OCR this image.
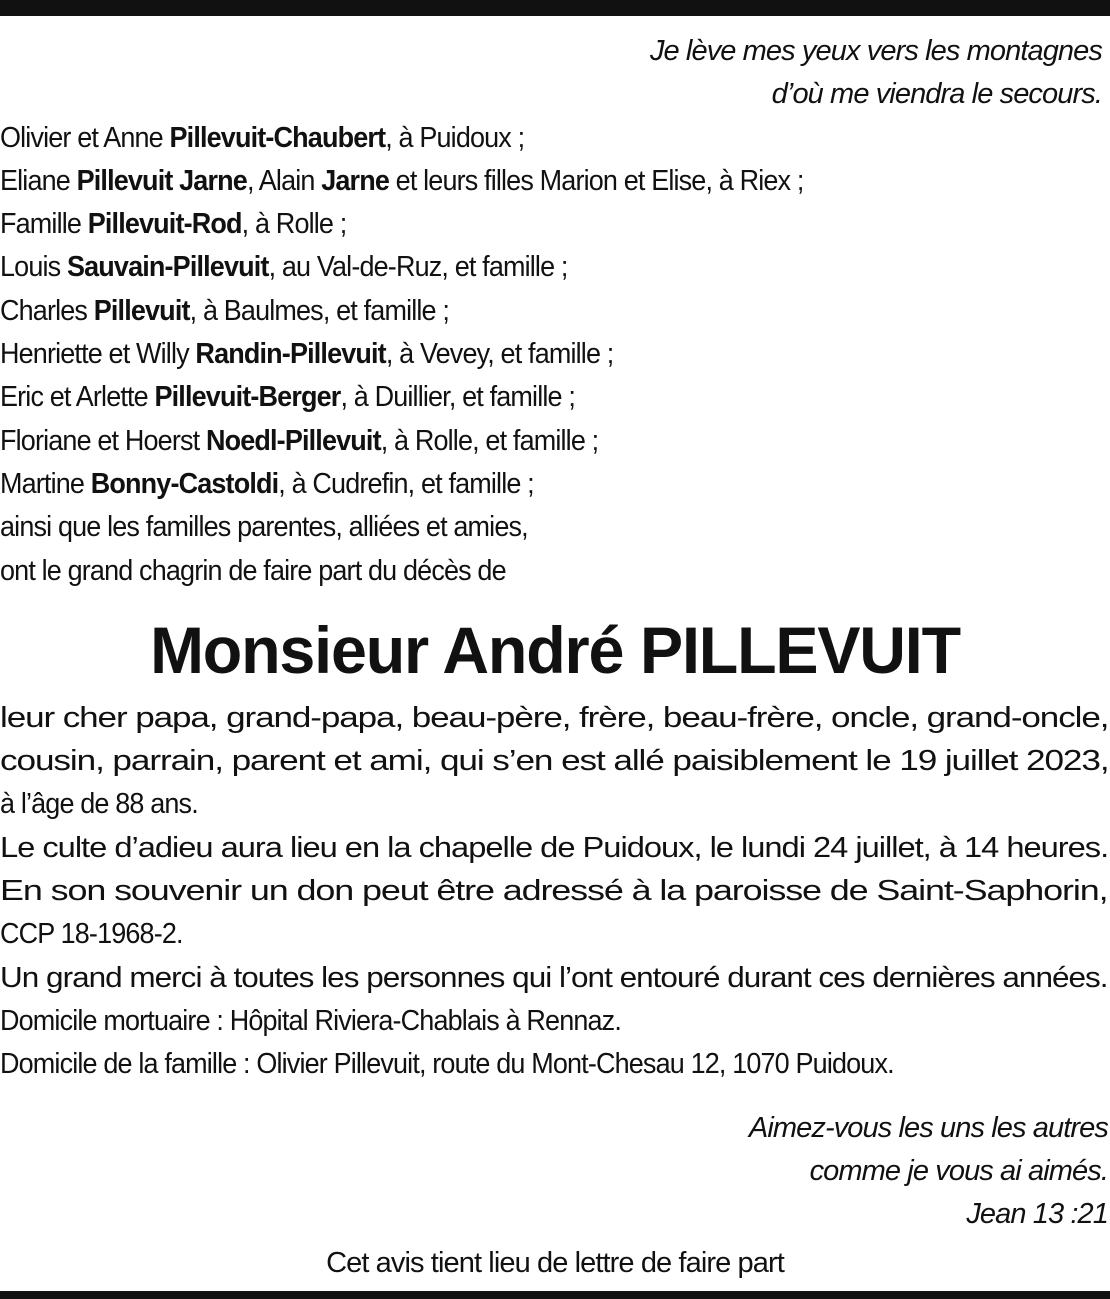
Je lève mes yeux vers les montagnes
d’où me viendra le secours.
Olivier et Anne Pillevuit-Chaubert, à Puidoux ;
Eliane Pillevuit Jarne, Alain Jarne et leurs filles Marion et Elise, à Riex ;
Famille Pillevuit-Rod, à Rolle ;
Louis Sauvain-Pillevuit, au Val-de-Ruz, et famille ;
Charles Pillevuit, à Baulmes, et famille ;
Henriette et Willy Randin-Pillevuit, à Vevey, et famille ;
Eric et Arlette Pillevuit-Berger, à Duillier, et famille ;
Floriane et Hoerst Noedl-Pillevuit, à Rolle, et famille ;
Martine Bonny-Castoldi, à Cudrefin, et famille ;
ainsi que les familles parentes, alliées et amies,
ont le grand chagrin de faire part du décès de
Monsieur André PILLEVUIT
leur cher papa, grand-papa, beau-père, frère, beau-frère, oncle, grand-oncle,
cousin, parrain, parent et ami, qui s’en est allé paisiblement le 19 juillet 2023,
à l’âge de 88 ans.
Le culte d’adieu aura lieu en la chapelle de Puidoux, le lundi 24 juillet, à 14 heures.
En son souvenir un don peut être adressé à la paroisse de Saint-Saphorin,
CCP 18-1968-2.
Un grand merci à toutes les personnes qui l’ont entouré durant ces dernières années.
Domicile mortuaire : Hôpital Riviera-Chablais à Rennaz.
Domicile de la famille : Olivier Pillevuit, route du Mont-Chesau 12, 1070 Puidoux.
Aimez-vous les uns les autres
comme je vous ai aimés.
Jean 13 :21
Cet avis tient lieu de lettre de faire part
